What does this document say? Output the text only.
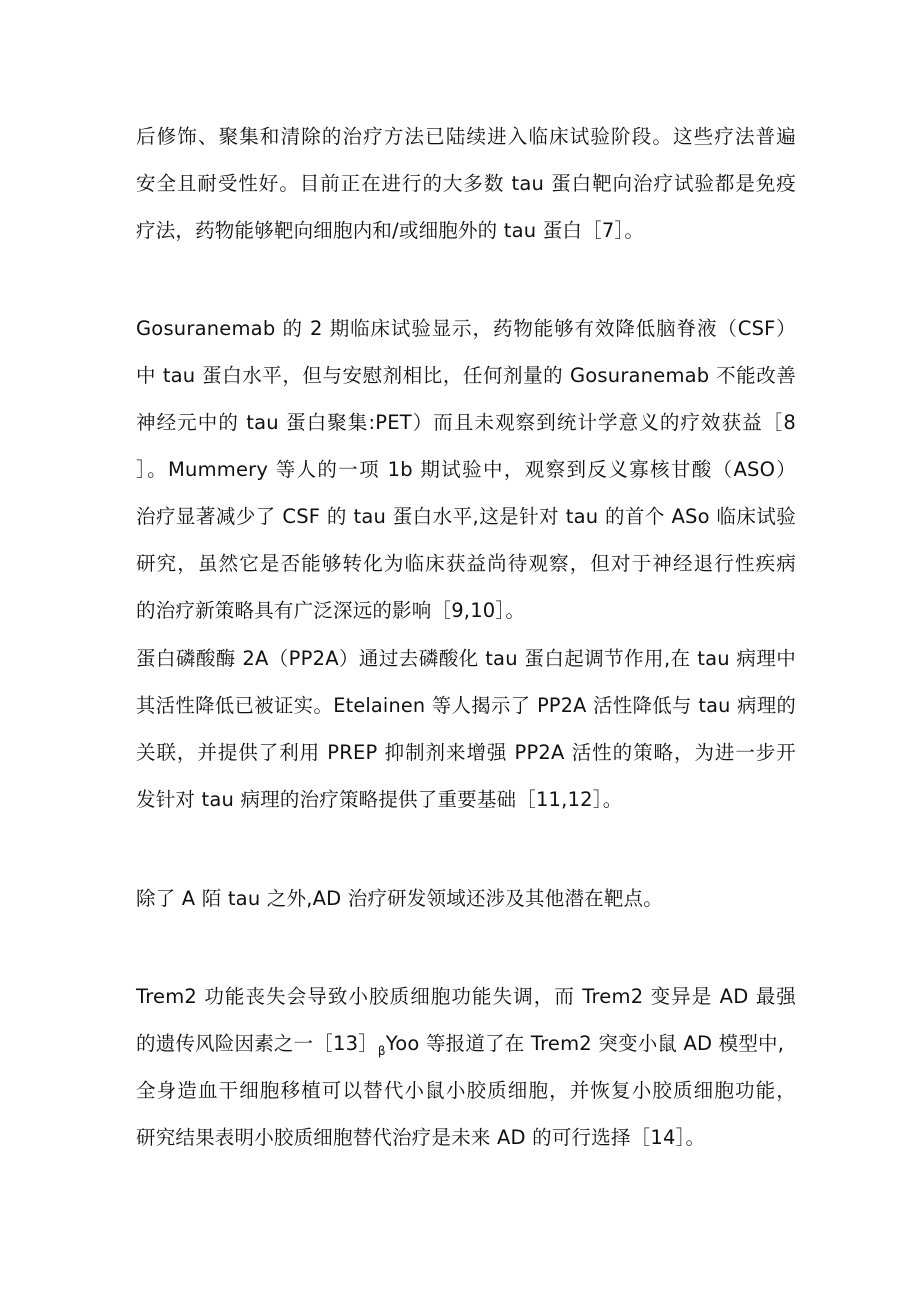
后修饰、聚集和清除的治疗方法已陆续进入临床试验阶段。这些疗法普遍
安全且耐受性好。目前正在进行的大多数 tau 蛋白靶向治疗试验都是免疫
疗法，药物能够靶向细胞内和/或细胞外的 tau 蛋白［7］。
Gosuranemab 的 2 期临床试验显示，药物能够有效降低脑脊液（CSF）
中 tau 蛋白水平，但与安慰剂相比，任何剂量的 Gosuranemab 不能改善
神经元中的 tau 蛋白聚集:PET）而且未观察到统计学意义的疗效获益［8
］。Mummery 等人的一项 1b 期试验中，观察到反义寡核甘酸（ASO）
治疗显著减少了 CSF 的 tau 蛋白水平,这是针对 tau 的首个 ASo 临床试验
研究，虽然它是否能够转化为临床获益尚待观察，但对于神经退行性疾病
的治疗新策略具有广泛深远的影响［9,10］。
蛋白磷酸酶 2A（PP2A）通过去磷酸化 tau 蛋白起调节作用,在 tau 病理中
其活性降低已被证实。Etelainen 等人揭示了 PP2A 活性降低与 tau 病理的
关联，并提供了利用 PREP 抑制剂来增强 PP2A 活性的策略，为进一步开
发针对 tau 病理的治疗策略提供了重要基础［11,12］。
除了 A 陌 tau 之外,AD 治疗研发领域还涉及其他潜在靶点。
Trem2 功能丧失会导致小胶质细胞功能失调，而 Trem2 变异是 AD 最强
的遗传风险因素之一$[13]_\beta Yoo$ 等报道了在 Trem2 突变小鼠 AD 模型中,
全身造血干细胞移植可以替代小鼠小胶质细胞，并恢复小胶质细胞功能，
研究结果表明小胶质细胞替代治疗是未来 AD 的可行选择［14］。
